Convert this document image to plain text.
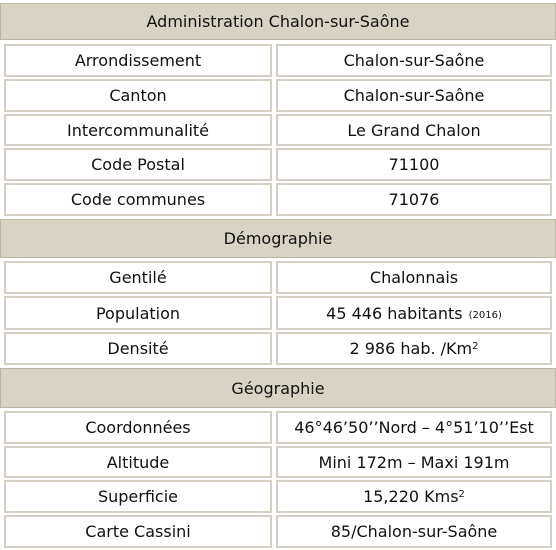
Administration Chalon-sur-Saône
Arrondissement	Chalon-sur-Saône
Canton	Chalon-sur-Saône
Intercommunalité	Le Grand Chalon
Code Postal	71100
Code communes	71076
Démographie
Gentilé	Chalonnais
Population	45 446 habitants (2016)
Densité	2 986 hab. /Km$^2$
Géographie
Coordonnées	46°46’50’’Nord – 4°51’10’’Est
Altitude	Mini 172m – Maxi 191m
Superficie	15,220 Kms$^2$
Carte Cassini	85/Chalon-sur-Saône
